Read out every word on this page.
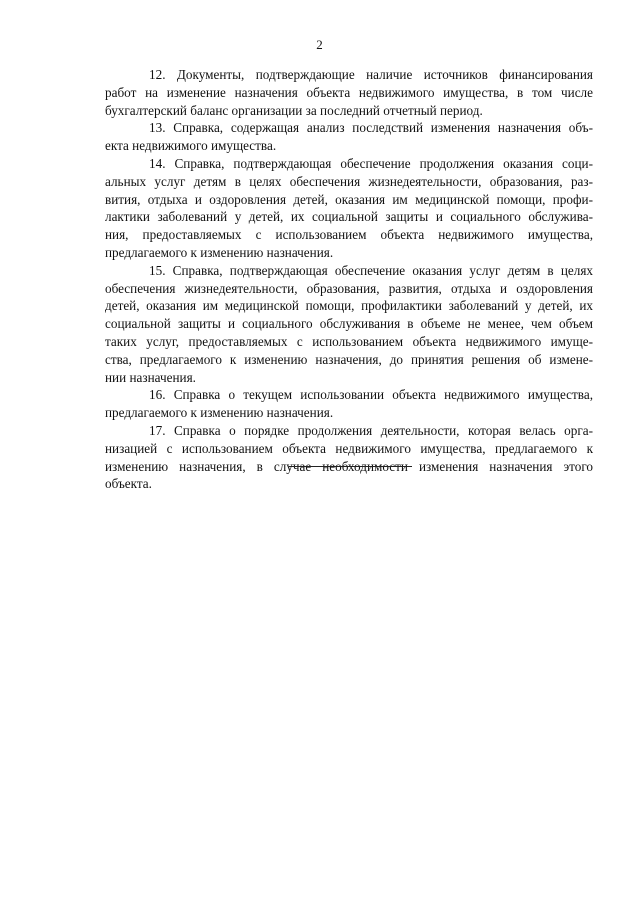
2
12. Документы, подтверждающие наличие источников финансирования
работ на изменение назначения объекта недвижимого имущества, в том числе
бухгалтерский баланс организации за последний отчетный период.
13. Справка, содержащая анализ последствий изменения назначения объ-
екта недвижимого имущества.
14. Справка, подтверждающая обеспечение продолжения оказания соци-
альных услуг детям в целях обеспечения жизнедеятельности, образования, раз-
вития, отдыха и оздоровления детей, оказания им медицинской помощи, профи-
лактики заболеваний у детей, их социальной защиты и социального обслужива-
ния, предоставляемых с использованием объекта недвижимого имущества,
предлагаемого к изменению назначения.
15. Справка, подтверждающая обеспечение оказания услуг детям в целях
обеспечения жизнедеятельности, образования, развития, отдыха и оздоровления
детей, оказания им медицинской помощи, профилактики заболеваний у детей, их
социальной защиты и социального обслуживания в объеме не менее, чем объем
таких услуг, предоставляемых с использованием объекта недвижимого имуще-
ства, предлагаемого к изменению назначения, до принятия решения об измене-
нии назначения.
16. Справка о текущем использовании объекта недвижимого имущества,
предлагаемого к изменению назначения.
17. Справка о порядке продолжения деятельности, которая велась орга-
низацией с использованием объекта недвижимого имущества, предлагаемого к
изменению назначения, в случае необходимости изменения назначения этого
объекта.
